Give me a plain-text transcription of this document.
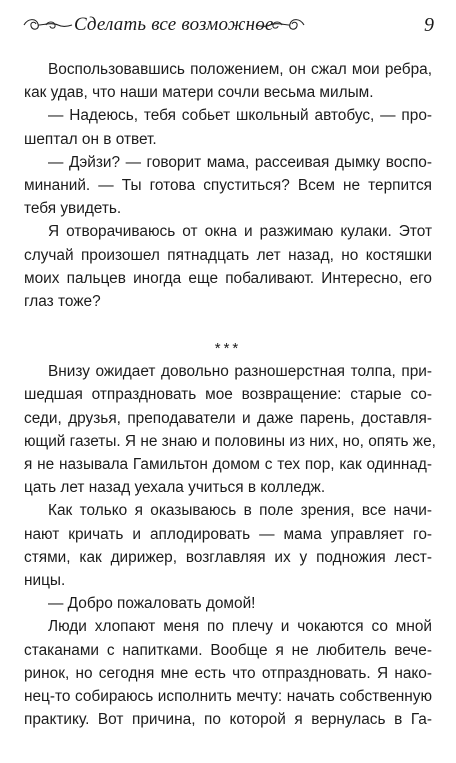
Сделать все возможное	9
Воспользовавшись положением, он сжал мои ребра,
как удав, что наши матери сочли весьма милым.
— Надеюсь, тебя собьет школьный автобус, — про-
шептал он в ответ.
— Дэйзи? — говорит мама, рассеивая дымку воспо-
минаний. — Ты готова спуститься? Всем не терпится
тебя увидеть.
Я отворачиваюсь от окна и разжимаю кулаки. Этот
случай произошел пятнадцать лет назад, но костяшки
моих пальцев иногда еще побаливают. Интересно, его
глаз тоже?
***
Внизу ожидает довольно разношерстная толпа, при-
шедшая отпраздновать мое возвращение: старые со-
седи, друзья, преподаватели и даже парень, доставля-
ющий газеты. Я не знаю и половины из них, но, опять же,
я не называла Гамильтон домом с тех пор, как одиннад-
цать лет назад уехала учиться в колледж.
Как только я оказываюсь в поле зрения, все начи-
нают кричать и аплодировать — мама управляет го-
стями, как дирижер, возглавляя их у подножия лест-
ницы.
— Добро пожаловать домой!
Люди хлопают меня по плечу и чокаются со мной
стаканами с напитками. Вообще я не любитель вече-
ринок, но сегодня мне есть что отпраздновать. Я нако-
нец-то собираюсь исполнить мечту: начать собственную
практику. Вот причина, по которой я вернулась в Га-
